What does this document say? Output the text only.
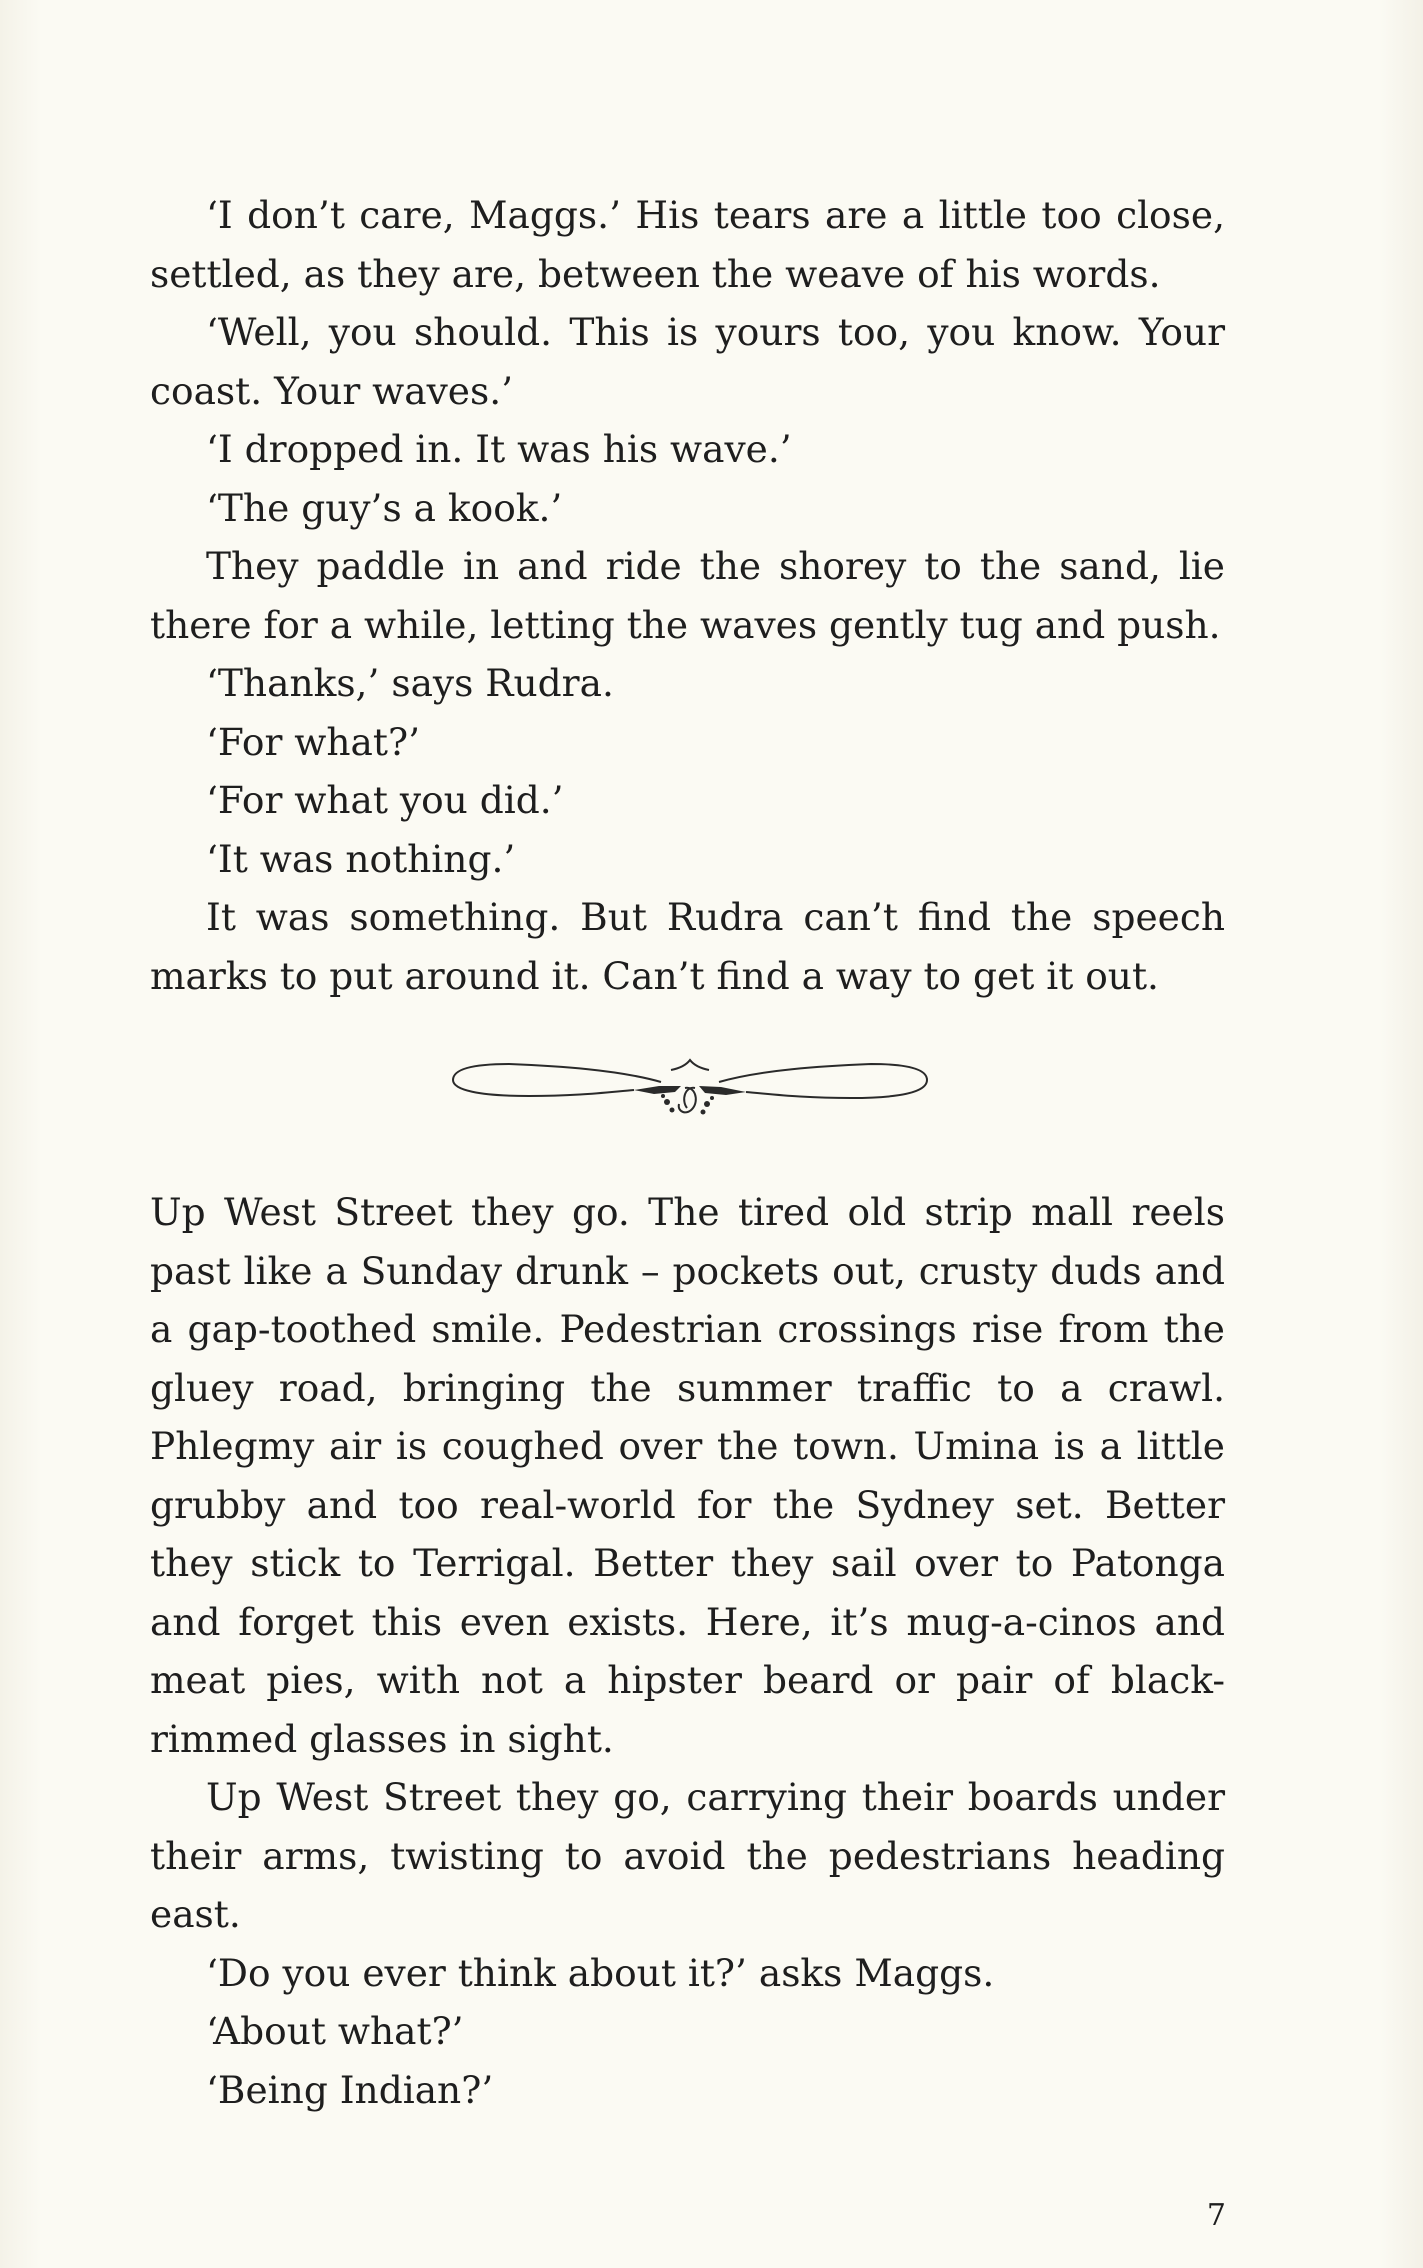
‘I don’t care, Maggs.’ His tears are a little too close, settled, as they are, between the weave of his words.

‘Well, you should. This is yours too, you know. Your coast. Your waves.’

‘I dropped in. It was his wave.’

‘The guy’s a kook.’

They paddle in and ride the shorey to the sand, lie there for a while, letting the waves gently tug and push.

‘Thanks,’ says Rudra.

‘For what?’

‘For what you did.’

‘It was nothing.’

It was something. But Rudra can’t find the speech marks to put around it. Can’t find a way to get it out.

Up West Street they go. The tired old strip mall reels past like a Sunday drunk – pockets out, crusty duds and a gap-toothed smile. Pedestrian crossings rise from the gluey road, bringing the summer traffic to a crawl. Phlegmy air is coughed over the town. Umina is a little grubby and too real-world for the Sydney set. Better they stick to Terrigal. Better they sail over to Patonga and forget this even exists. Here, it’s mug-a-cinos and meat pies, with not a hipster beard or pair of black-rimmed glasses in sight.

Up West Street they go, carrying their boards under their arms, twisting to avoid the pedestrians heading east.

‘Do you ever think about it?’ asks Maggs.

‘About what?’

‘Being Indian?’

7
